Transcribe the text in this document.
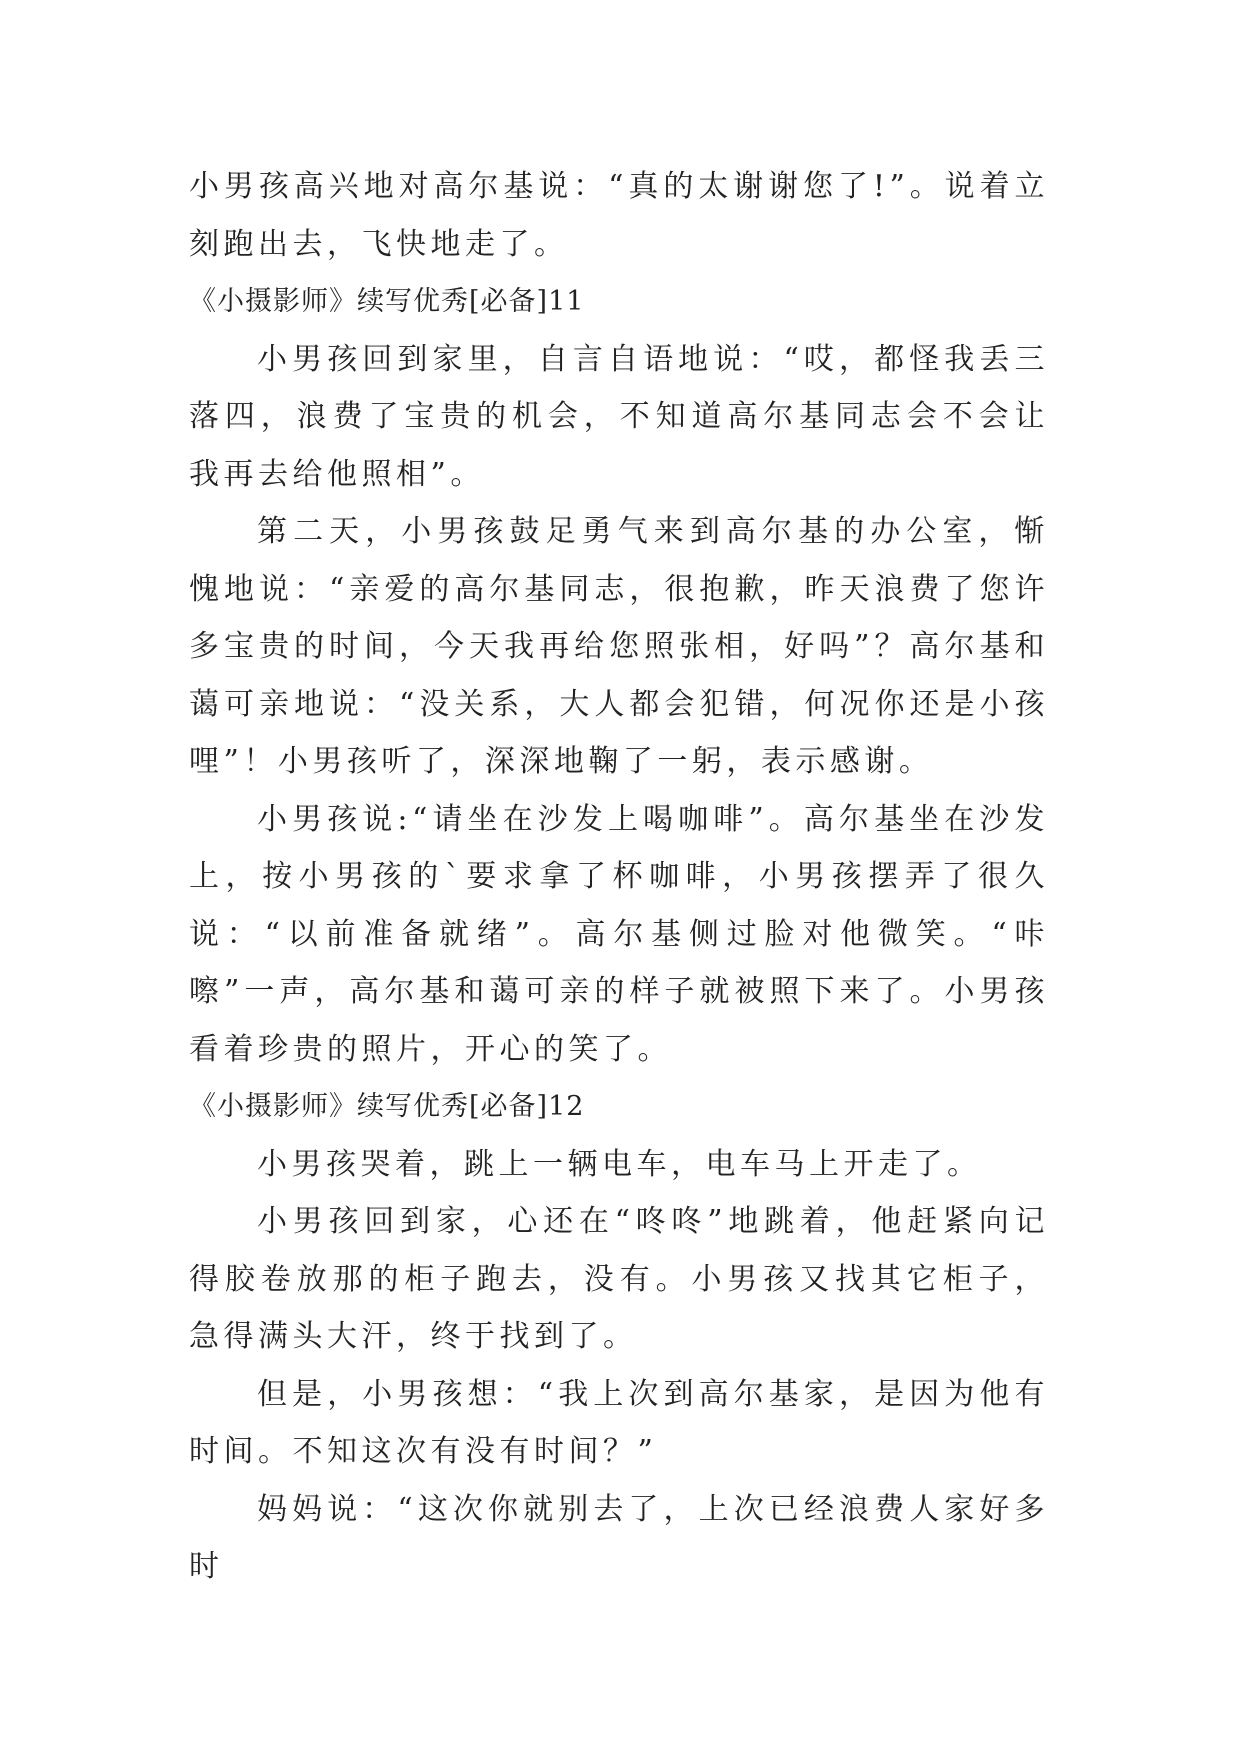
小男孩高兴地对高尔基说：“真的太谢谢您了!”。说着立刻跑出去，飞快地走了。

《小摄影师》续写优秀[必备]11

小男孩回到家里，自言自语地说：“哎，都怪我丢三落四，浪费了宝贵的机会，不知道高尔基同志会不会让我再去给他照相”。

第二天，小男孩鼓足勇气来到高尔基的办公室，惭愧地说：“亲爱的高尔基同志，很抱歉，昨天浪费了您许多宝贵的时间，今天我再给您照张相，好吗”？高尔基和蔼可亲地说：“没关系，大人都会犯错，何况你还是小孩哩”！小男孩听了，深深地鞠了一躬，表示感谢。

小男孩说:“请坐在沙发上喝咖啡”。高尔基坐在沙发上，按小男孩的`要求拿了杯咖啡，小男孩摆弄了很久说：“以前准备就绪”。高尔基侧过脸对他微笑。“咔嚓”一声，高尔基和蔼可亲的样子就被照下来了。小男孩看着珍贵的照片，开心的笑了。

《小摄影师》续写优秀[必备]12

小男孩哭着，跳上一辆电车，电车马上开走了。

小男孩回到家，心还在“咚咚”地跳着，他赶紧向记得胶卷放那的柜子跑去，没有。小男孩又找其它柜子，急得满头大汗，终于找到了。

但是，小男孩想：“我上次到高尔基家，是因为他有时间。不知这次有没有时间？”

妈妈说：“这次你就别去了，上次已经浪费人家好多时
